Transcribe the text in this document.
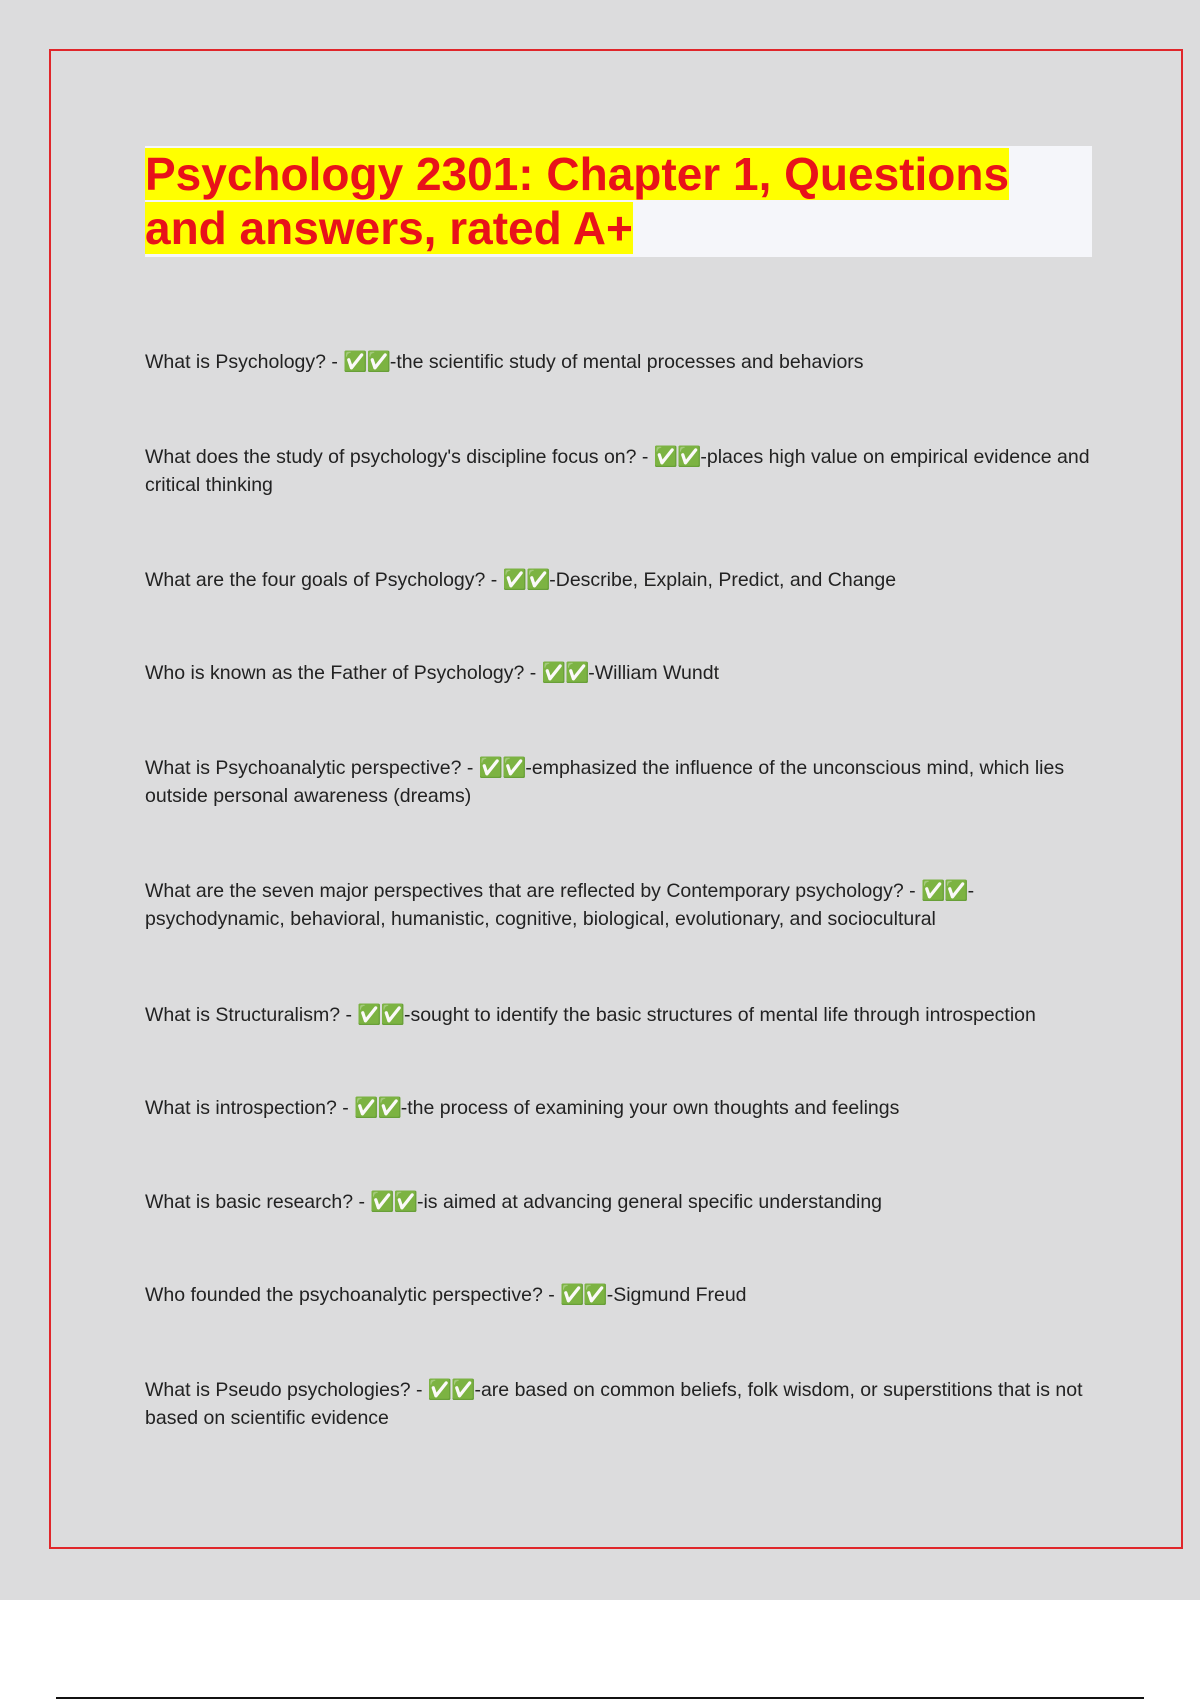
Psychology 2301: Chapter 1, Questions and answers, rated A+

What is Psychology? - ✅✅-the scientific study of mental processes and behaviors

What does the study of psychology's discipline focus on? - ✅✅-places high value on empirical evidence and critical thinking

What are the four goals of Psychology? - ✅✅-Describe, Explain, Predict, and Change

Who is known as the Father of Psychology? - ✅✅-William Wundt

What is Psychoanalytic perspective? - ✅✅-emphasized the influence of the unconscious mind, which lies outside personal awareness (dreams)

What are the seven major perspectives that are reflected by Contemporary psychology? - ✅✅-psychodynamic, behavioral, humanistic, cognitive, biological, evolutionary, and sociocultural

What is Structuralism? - ✅✅-sought to identify the basic structures of mental life through introspection

What is introspection? - ✅✅-the process of examining your own thoughts and feelings

What is basic research? - ✅✅-is aimed at advancing general specific understanding

Who founded the psychoanalytic perspective? - ✅✅-Sigmund Freud

What is Pseudo psychologies? - ✅✅-are based on common beliefs, folk wisdom, or superstitions that is not based on scientific evidence
